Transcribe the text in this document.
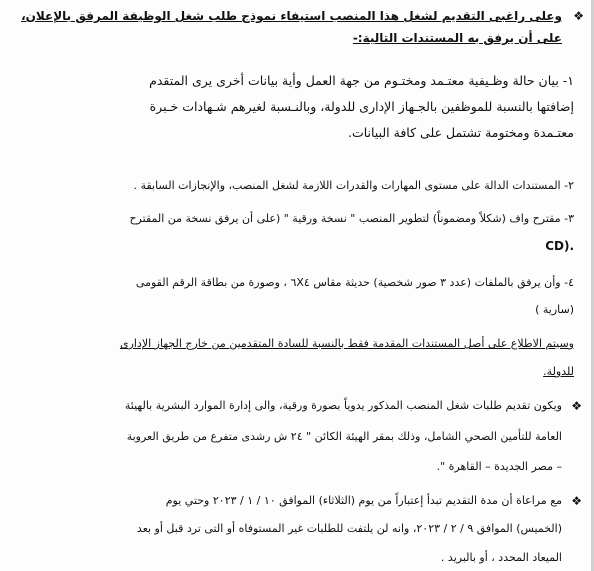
❖
وعلى راغبى التقديم لشغل هذا المنصب استيفاء نموذج طلب شغل الوظيفة المرفق بالإعلان،
على أن يرفق به المستندات التالية:-
١- بيان حالة وظـيفية معتـمد ومختـوم من جهة العمل وأية بيانات أخرى يرى المتقدم
إضافتها بالنسبة للموظفين بالجـهاز الإدارى للدولة، وبالنـسبة لغيرهم شـهادات خـبرة
معتـمدة ومختومة تشتمل على كافة البيانات.
٢- المستندات الدالة على مستوى المهارات والقدرات اللازمة لشغل المنصب، والإنجازات السابقة .
٣- مقترح واف (شكلاً ومضموناً) لتطوير المنصب " نسخة ورقية " (على أن يرفق نسخة من المقترح
CD).
٤- وأن يرفق بالملفات (عدد ٣ صور شخصية) حديثة مقاس ٦X٤ ، وصورة من بطاقة الرقم القومى
(سارية )
وسيتم الاطلاع على أصل المستندات المقدمة فقط بالنسبة للسادة المتقدمين من خارج الجهاز الإدارى
للدولة.
❖
ويكون تقديم طلبات شغل المنصب المذكور يدوياً بصورة ورقية، والى إدارة الموارد البشرية بالهيئة
العامة للتأمين الصحي الشامل، وذلك بمقر الهيئة الكائن " ٢٤ ش رشدى متفرع من طريق العروبة
– مصر الجديدة – القاهرة ".
❖
مع مراعاة أن مدة التقديم تبدأ إعتباراً من يوم (الثلاثاء) الموافق ١٠ / ١ / ٢٠٢٣ وحتي يوم
(الخميس) الموافق ٩ / ٢ / ٢٠٢٣، وانه لن يلتفت للطلبات غير المستوفاه أو التى ترد قبل أو بعد
الميعاد المحدد ، أو بالبريد .
